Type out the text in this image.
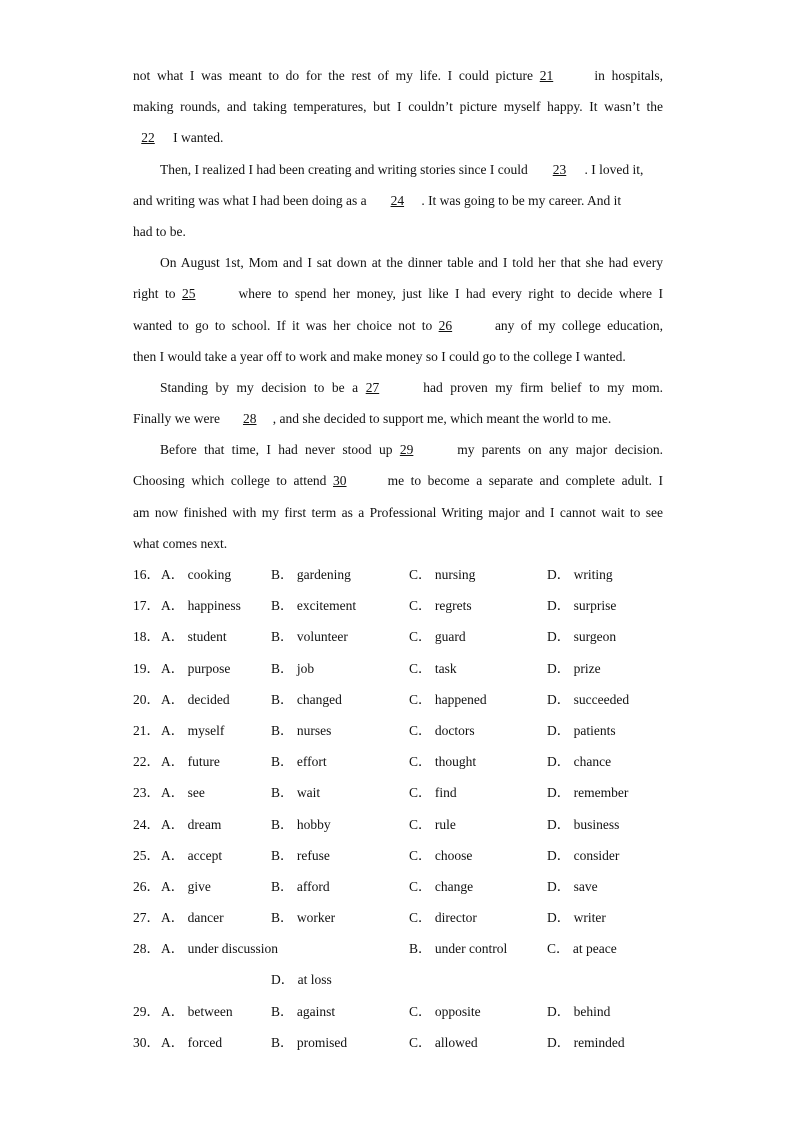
not what I was meant to do for the rest of my life. I could picture 21	in hospitals,
making rounds, and taking temperatures, but I couldn’t picture myself happy. It wasn’t the
22 I wanted.
Then, I realized I had been creating and writing stories since I could 23 . I loved it,
and writing was what I had been doing as a 24 . It was going to be my career. And it
had to be.
On August 1st, Mom and I sat down at the dinner table and I told her that she had every
right to 25	where to spend her money, just like I had every right to decide where I
wanted to go to school. If it was her choice not to 26	any of my college education,
then I would take a year off to work and make money so I could go to the college I wanted.
Standing by my decision to be a 27	had proven my firm belief to my mom.
Finally we were 28 , and she decided to support me, which meant the world to me.
Before that time, I had never stood up 29	my parents on any major decision.
Choosing which college to attend 30	me to become a separate and complete adult. I
am now finished with my first term as a Professional Writing major and I cannot wait to see
what comes next.
16． A． cooking	B． gardening	C． nursing	D． writing
17． A． happiness B． excitement	C． regrets	D． surprise
18． A． student	B． volunteer	C． guard	D． surgeon
19． A． purpose	B． job	C． task	D． prize
20． A． decided	B． changed	C． happened	D． succeeded
21． A． myself	B． nurses	C． doctors	D． patients
22． A． future	B． effort	C． thought	D． chance
23． A． see	B． wait	C． find	D． remember
24． A． dream	B． hobby	C． rule	D． business
25． A． accept	B． refuse	C． choose	D． consider
26． A． give	B． afford	C． change	D． save
27． A． dancer	B． worker	C． director	D． writer
28． A． under discussion	B． under control	C． at peace
D． at loss
29． A． between	B． against	C． opposite	D． behind
30． A． forced	B． promised	C． allowed	D． reminded
